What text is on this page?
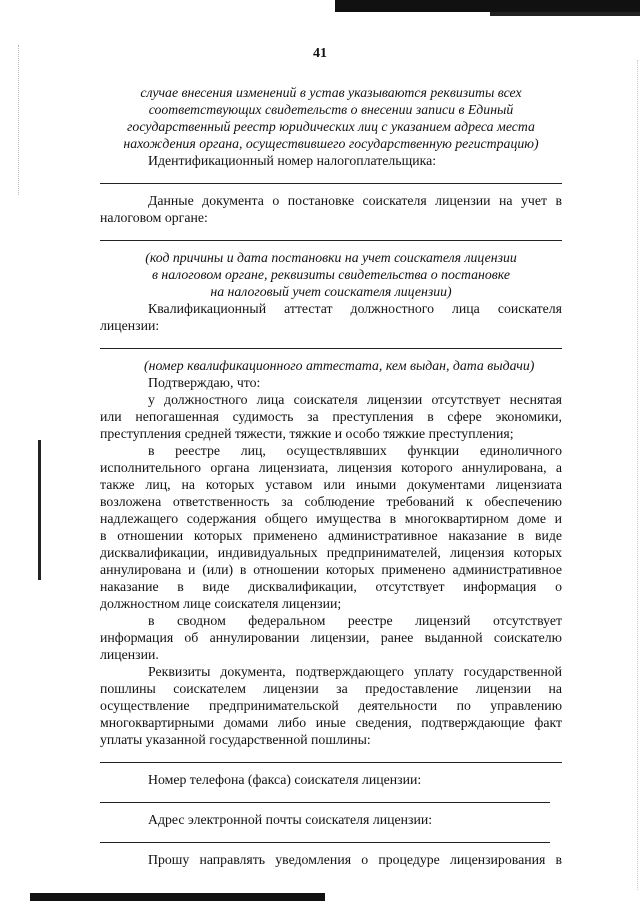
41
случае внесения изменений в устав указываются реквизиты всех
соответствующих свидетельств о внесении записи в Единый
государственный реестр юридических лиц с указанием адреса места
нахождения органа, осуществившего государственную регистрацию)
Идентификационный номер налогоплательщика:
Данные документа о постановке соискателя лицензии на учет в
налоговом органе:
(код причины и дата постановки на учет соискателя лицензии
в налоговом органе, реквизиты свидетельства о постановке
на налоговый учет соискателя лицензии)
Квалификационный аттестат должностного лица соискателя
лицензии:
(номер квалификационного аттестата, кем выдан, дата выдачи)
Подтверждаю, что:
у должностного лица соискателя лицензии отсутствует неснятая
или непогашенная судимость за преступления в сфере экономики,
преступления средней тяжести, тяжкие и особо тяжкие преступления;
в реестре лиц, осуществлявших функции единоличного
исполнительного органа лицензиата, лицензия которого аннулирована, а
также лиц, на которых уставом или иными документами лицензиата
возложена ответственность за соблюдение требований к обеспечению
надлежащего содержания общего имущества в многоквартирном доме и
в отношении которых применено административное наказание в виде
дисквалификации, индивидуальных предпринимателей, лицензия которых
аннулирована и (или) в отношении которых применено административное
наказание в виде дисквалификации, отсутствует информация о
должностном лице соискателя лицензии;
в сводном федеральном реестре лицензий отсутствует
информация об аннулировании лицензии, ранее выданной соискателю
лицензии.
Реквизиты документа, подтверждающего уплату государственной
пошлины соискателем лицензии за предоставление лицензии на
осуществление предпринимательской деятельности по управлению
многоквартирными домами либо иные сведения, подтверждающие факт
уплаты указанной государственной пошлины:
Номер телефона (факса) соискателя лицензии:
Адрес электронной почты соискателя лицензии:
Прошу направлять уведомления о процедуре лицензирования в
